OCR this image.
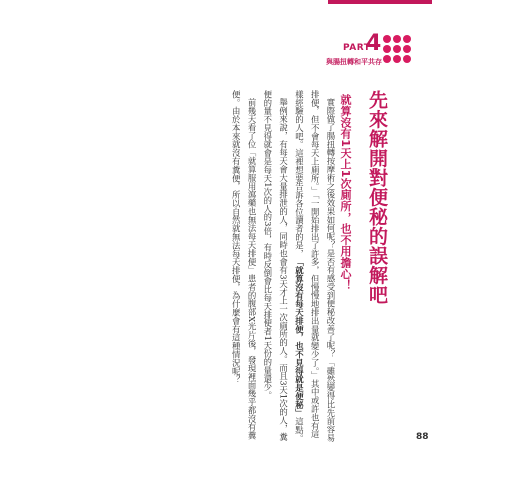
PART
4
與腸扭轉和平共存
先來解開對便秘的誤解吧
就算沒有1天上1次廁所，也不用擔心！

實際做了腸扭轉按摩術之後效果如何呢？是否有感受到便秘改善了呢？「雖然變得比先前容易排便，但不會每天上廁所。」「一開始排出了許多，但慢慢地排出量就變少了。」其中或許也有這樣經驗的人吧。這裡想要告訴各位讀者的是，「就算沒有每天排便，也不見得就是便秘」這點。

舉例來說，有每天會大量排泄的人，同時也會有3天才上一次廁所的人。而且3天1次的人，糞便的量不見得就會是每天1次的人的3倍，有時反倒會比每天排便者1天份的量還少。

前幾天看了位「就算服用瀉藥也無法每天排便」患者的腹部X光片後，發現裡面幾乎都沒有糞便。由於本來就沒有糞便，所以自然就無法每天排便，為什麼會有這種情況呢？

88
